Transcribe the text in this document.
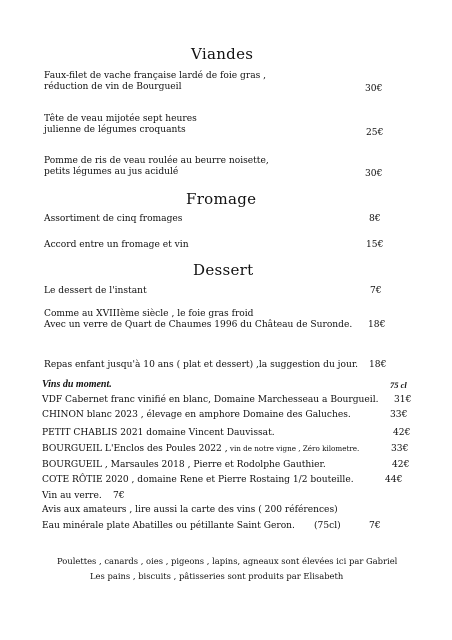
Viandes
Faux-filet de vache française lardé de foie gras ,
réduction de vin de Bourgueil	30€
Tête de veau mijotée sept heures
julienne de légumes croquants	25€
Pomme de ris de veau roulée au beurre noisette,
petits légumes au jus acidulé	30€
Fromage
Assortiment de cinq fromages	8€
Accord entre un fromage et vin	15€
Dessert
Le dessert de l'instant	7€
Comme au XVIIIème siècle , le foie gras froid
Avec un verre de Quart de Chaumes 1996 du Château de Suronde. 18€
Repas enfant jusqu'à 10 ans ( plat et dessert) ,la suggestion du jour. 18€
Vins du moment.	75 cl
VDF Cabernet franc vinifié en blanc, Domaine Marchesseau a Bourgueil. 31€
CHINON blanc 2023 , élevage en amphore Domaine des Galuches.	33€
PETIT CHABLIS 2021 domaine Vincent Dauvissat.	42€
BOURGUEIL L'Enclos des Poules 2022 , vin de notre vigne , Zéro kilometre.	33€
BOURGUEIL , Marsaules 2018 , Pierre et Rodolphe Gauthier.	42€
COTE RÔTIE 2020 , domaine Rene et Pierre Rostaing 1/2 bouteille.	44€
Vin au verre. 7€
Avis aux amateurs , lire aussi la carte des vins ( 200 références)
Eau minérale plate Abatilles ou pétillante Saint Geron. (75cl)	7€
Poulettes , canards , oies , pigeons , lapins, agneaux sont élevées ici par Gabriel
Les pains , biscuits , pâtisseries sont produits par Elisabeth
